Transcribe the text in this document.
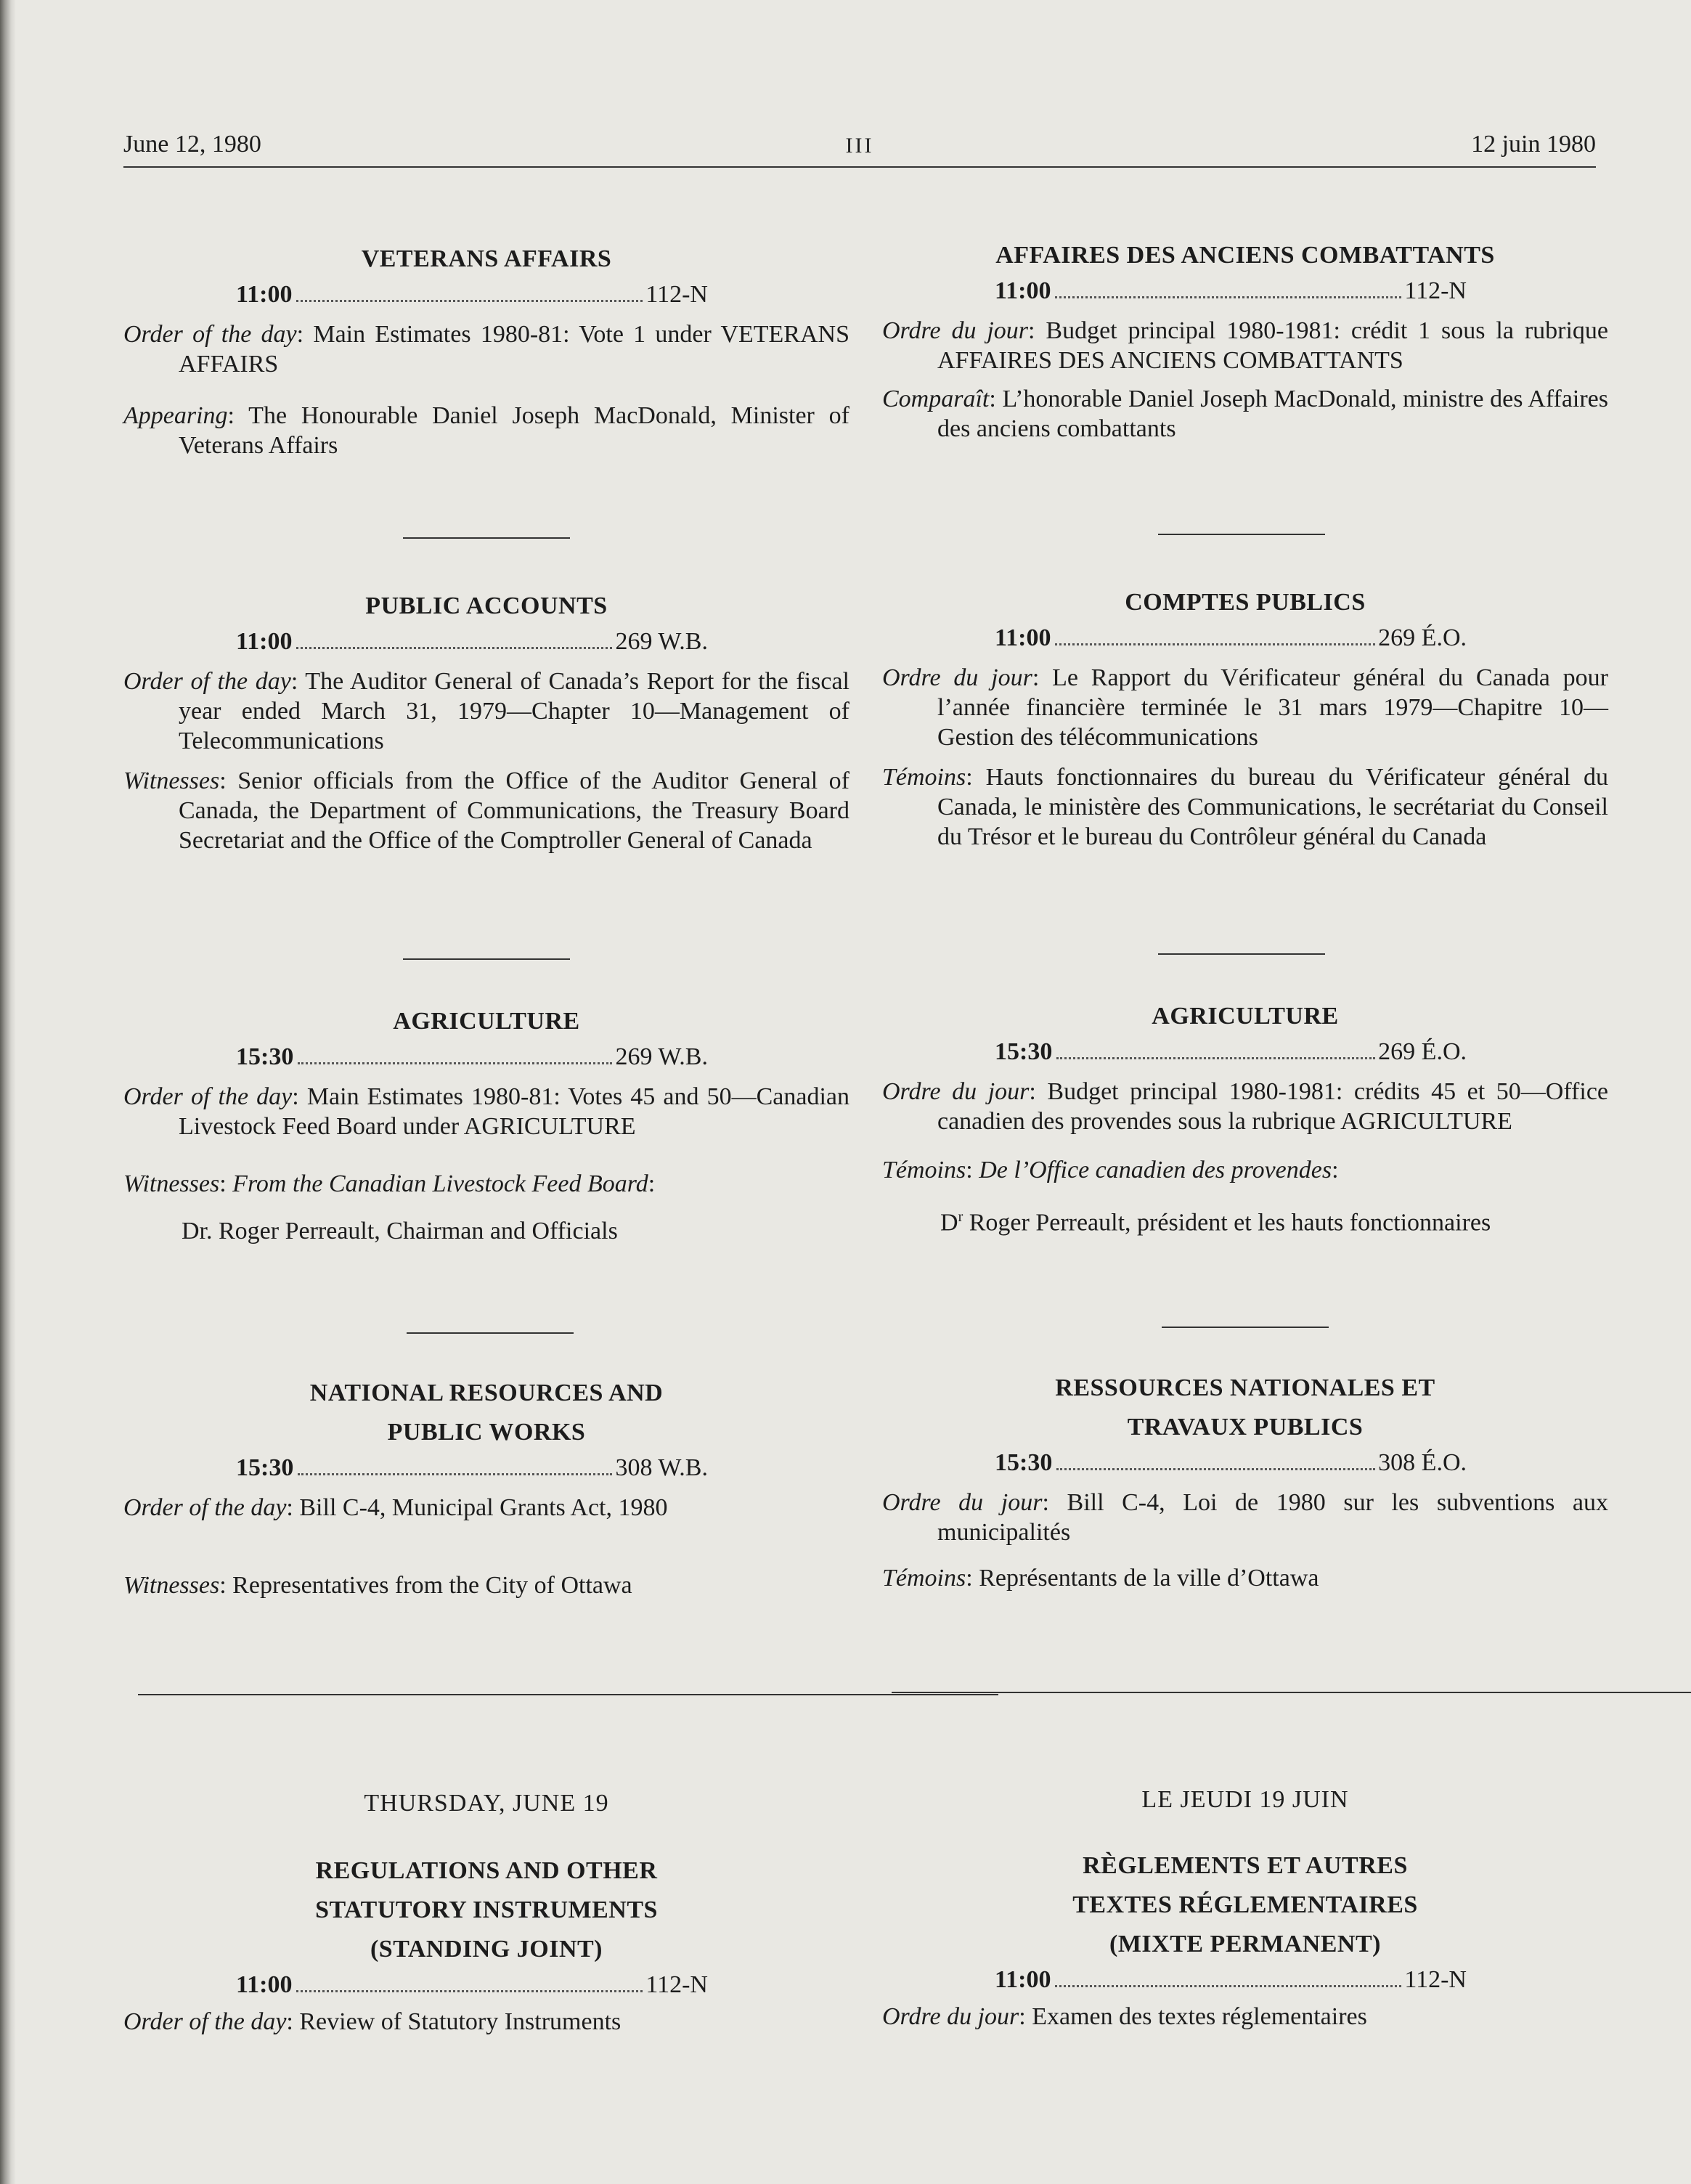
June 12, 1980	III	12 juin 1980

VETERANS AFFAIRS

11:00	112-N

Order of the day: Main Estimates 1980-81: Vote 1 under VETERANS AFFAIRS

Appearing: The Honourable Daniel Joseph MacDonald, Minister of Veterans Affairs

PUBLIC ACCOUNTS

11:00	269 W.B.

Order of the day: The Auditor General of Canada’s Report for the fiscal year ended March 31, 1979—Chapter 10—Management of Telecommunications

Witnesses: Senior officials from the Office of the Auditor General of Canada, the Department of Communications, the Treasury Board Secretariat and the Office of the Comptroller General of Canada

AGRICULTURE

15:30	269 W.B.

Order of the day: Main Estimates 1980-81: Votes 45 and 50—Canadian Livestock Feed Board under AGRICULTURE

Witnesses: From the Canadian Livestock Feed Board:

Dr. Roger Perreault, Chairman and Officials

NATIONAL RESOURCES AND

PUBLIC WORKS

15:30	308 W.B.

Order of the day: Bill C-4, Municipal Grants Act, 1980

Witnesses: Representatives from the City of Ottawa

THURSDAY, JUNE 19

REGULATIONS AND OTHER

STATUTORY INSTRUMENTS

(STANDING JOINT)

11:00	112-N

Order of the day: Review of Statutory Instruments

AFFAIRES DES ANCIENS COMBATTANTS

11:00	112-N

Ordre du jour: Budget principal 1980-1981: crédit 1 sous la rubrique AFFAIRES DES ANCIENS COMBATTANTS

Comparaît: L’honorable Daniel Joseph MacDonald, ministre des Affaires des anciens combattants

COMPTES PUBLICS

11:00	269 É.O.

Ordre du jour: Le Rapport du Vérificateur général du Canada pour l’année financière terminée le 31 mars 1979—Chapitre 10—Gestion des télécommunications

Témoins: Hauts fonctionnaires du bureau du Vérificateur général du Canada, le ministère des Communications, le secrétariat du Conseil du Trésor et le bureau du Contrôleur général du Canada

AGRICULTURE

15:30	269 É.O.

Ordre du jour: Budget principal 1980-1981: crédits 45 et 50—Office canadien des provendes sous la rubrique AGRICULTURE

Témoins: De l’Office canadien des provendes:

$D^r$ Roger Perreault, président et les hauts fonctionnaires

RESSOURCES NATIONALES ET

TRAVAUX PUBLICS

15:30	308 É.O.

Ordre du jour: Bill C-4, Loi de 1980 sur les subventions aux municipalités

Témoins: Représentants de la ville d’Ottawa

LE JEUDI 19 JUIN

RÈGLEMENTS ET AUTRES

TEXTES RÉGLEMENTAIRES

(MIXTE PERMANENT)

11:00	112-N

Ordre du jour: Examen des textes réglementaires
